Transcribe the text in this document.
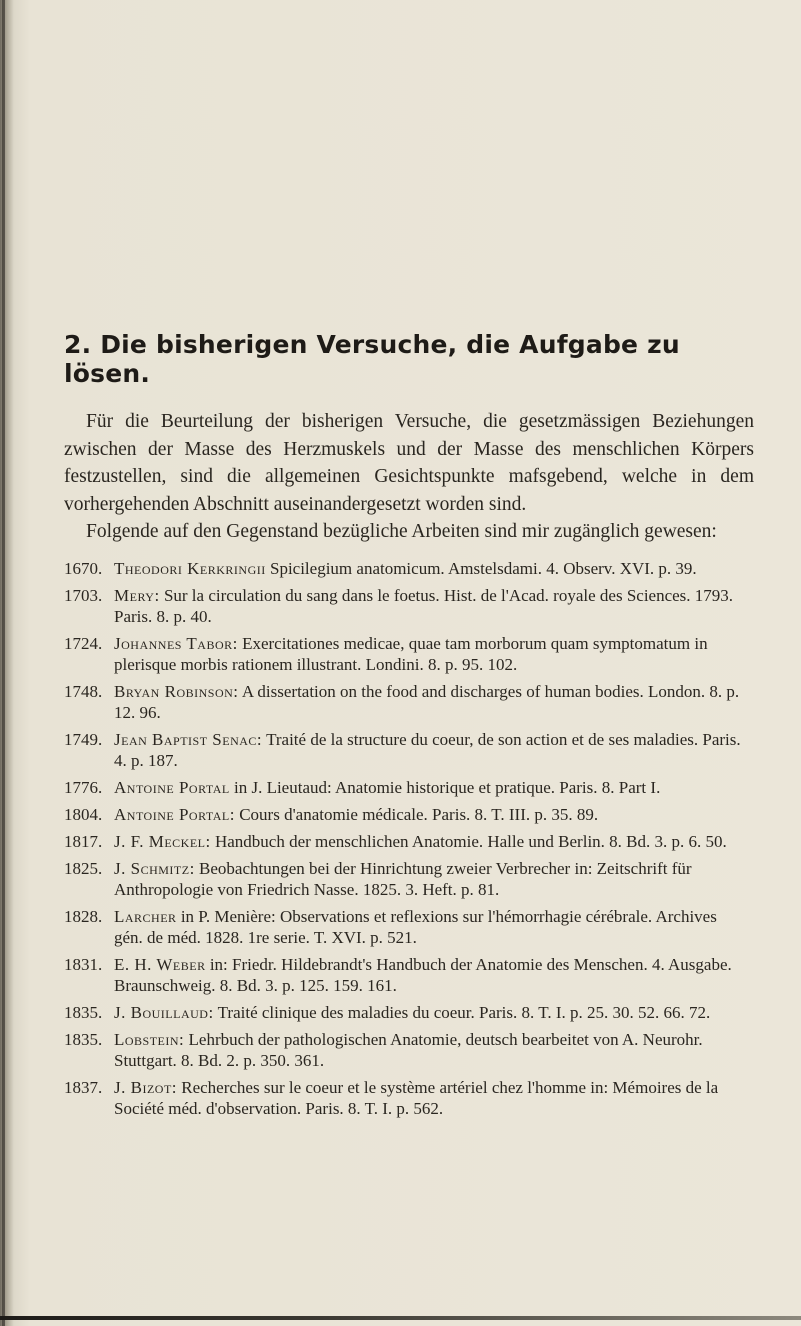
2. Die bisherigen Versuche, die Aufgabe zu lösen.

Für die Beurteilung der bisherigen Versuche, die gesetzmässigen Beziehungen zwischen der Masse des Herzmuskels und der Masse des menschlichen Körpers festzustellen, sind die allgemeinen Gesichtspunkte mafsgebend, welche in dem vorhergehenden Abschnitt auseinandergesetzt worden sind.

Folgende auf den Gegenstand bezügliche Arbeiten sind mir zugänglich gewesen:

1670. Theodori Kerkringii Spicilegium anatomicum. Amstelsdami. 4. Observ. XVI. p. 39.
1703. Mery: Sur la circulation du sang dans le foetus. Hist. de l'Acad. royale des Sciences. 1793. Paris. 8. p. 40.
1724. Johannes Tabor: Exercitationes medicae, quae tam morborum quam symptomatum in plerisque morbis rationem illustrant. Londini. 8. p. 95. 102.
1748. Bryan Robinson: A dissertation on the food and discharges of human bodies. London. 8. p. 12. 96.
1749. Jean Baptist Senac: Traité de la structure du coeur, de son action et de ses maladies. Paris. 4. p. 187.
1776. Antoine Portal in J. Lieutaud: Anatomie historique et pratique. Paris. 8. Part I.
1804. Antoine Portal: Cours d'anatomie médicale. Paris. 8. T. III. p. 35. 89.
1817. J. F. Meckel: Handbuch der menschlichen Anatomie. Halle und Berlin. 8. Bd. 3. p. 6. 50.
1825. J. Schmitz: Beobachtungen bei der Hinrichtung zweier Verbrecher in: Zeitschrift für Anthropologie von Friedrich Nasse. 1825. 3. Heft. p. 81.
1828. Larcher in P. Menière: Observations et reflexions sur l'hémorrhagie cérébrale. Archives gén. de méd. 1828. 1re serie. T. XVI. p. 521.
1831. E. H. Weber in: Friedr. Hildebrandt's Handbuch der Anatomie des Menschen. 4. Ausgabe. Braunschweig. 8. Bd. 3. p. 125. 159. 161.
1835. J. Bouillaud: Traité clinique des maladies du coeur. Paris. 8. T. I. p. 25. 30. 52. 66. 72.
1835. Lobstein: Lehrbuch der pathologischen Anatomie, deutsch bearbeitet von A. Neurohr. Stuttgart. 8. Bd. 2. p. 350. 361.
1837. J. Bizot: Recherches sur le coeur et le système artériel chez l'homme in: Mémoires de la Société méd. d'observation. Paris. 8. T. I. p. 562.
